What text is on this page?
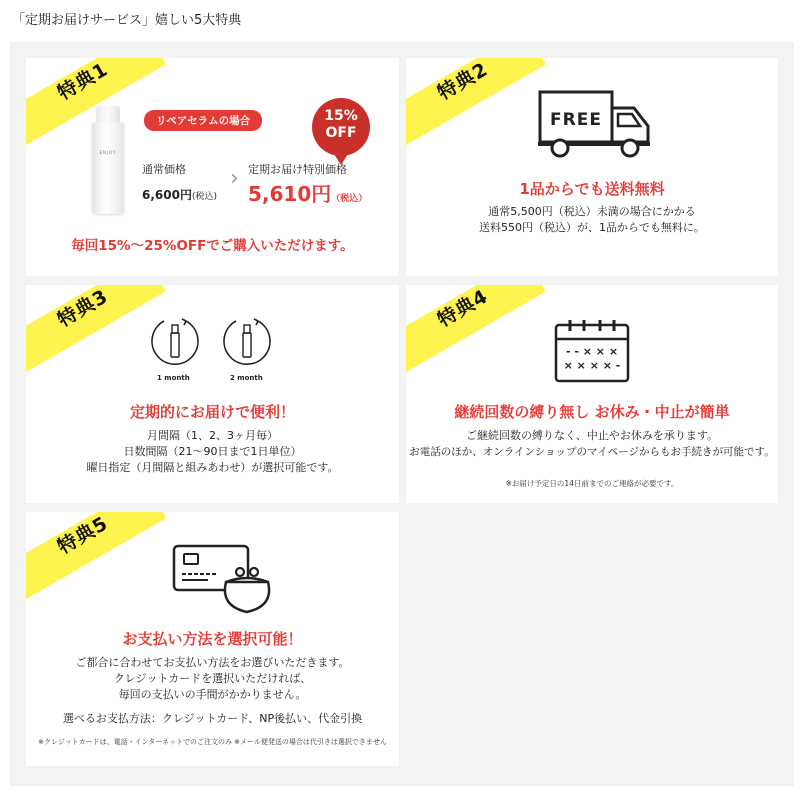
「定期お届けサービス」嬉しい5大特典
特典1
ENJOY
リペアセラムの場合	15%
OFF
通常価格
6,600円(税込)
› 定期お届け特別価格
5,610円（税込）
毎回15%〜25%OFFでご購入いただけます。
特典2
FREE
1品からでも送料無料
通常5,500円（税込）未満の場合にかかる
送料550円（税込）が、1品からでも無料に。
特典3
1 month	2 month
定期的にお届けで便利！
月間隔（1、2、3ヶ月毎）
日数間隔（21〜90日まで1日単位）
曜日指定（月間隔と組みあわせ）が選択可能です。
特典4
- - × × ×
× × × × -
継続回数の縛り無し お休み・中止が簡単
ご継続回数の縛りなく、中止やお休みを承ります。
お電話のほか、オンラインショップのマイページからもお手続きが可能です。
※お届け予定日の14日前までのご連絡が必要です。
特典5
お支払い方法を選択可能！
ご都合に合わせてお支払い方法をお選びいただきます。
クレジットカードを選択いただければ、
毎回の支払いの手間がかかりません。
選べるお支払方法：クレジットカード、NP後払い、代金引換
※クレジットカードは、電話・インターネットでのご注文のみ ※メール便発送の場合は代引きは選択できません
